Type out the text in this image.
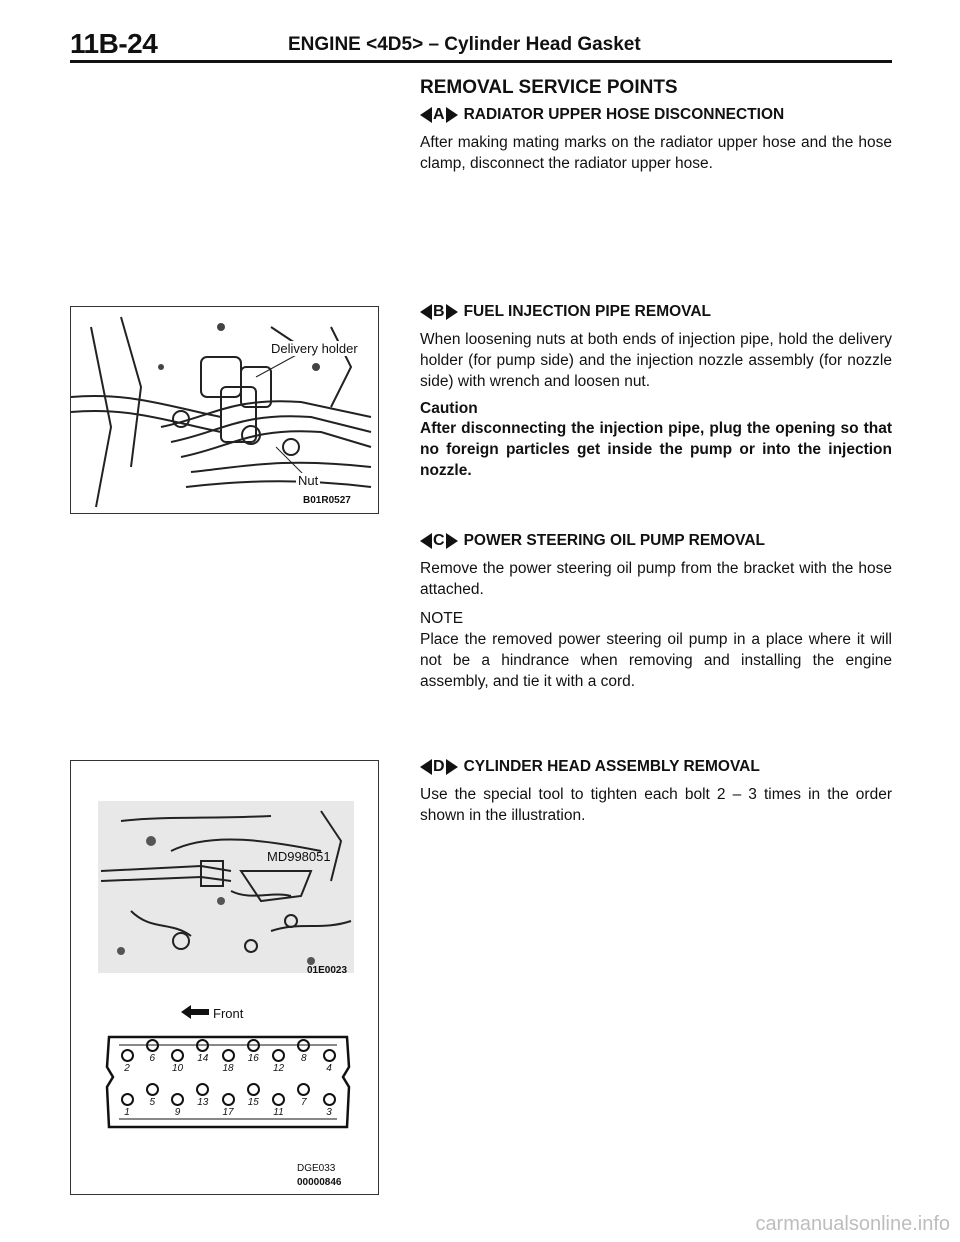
11B-24	ENGINE <4D5> – Cylinder Head Gasket
REMOVAL SERVICE POINTS
A RADIATOR UPPER HOSE DISCONNECTION
After making mating marks on the radiator upper hose and the hose clamp, disconnect the radiator upper hose.
B FUEL INJECTION PIPE REMOVAL
When loosening nuts at both ends of injection pipe, hold the delivery holder (for pump side) and the injection nozzle assembly (for nozzle side) with wrench and loosen nut.
Caution
After disconnecting the injection pipe, plug the opening so that no foreign particles get inside the pump or into the injection nozzle.
C POWER STEERING OIL PUMP REMOVAL
Remove the power steering oil pump from the bracket with the hose attached.
NOTE
Place the removed power steering oil pump in a place where it will not be a hindrance when removing and installing the engine assembly, and tie it with a cord.
D CYLINDER HEAD ASSEMBLY REMOVAL
Use the special tool to tighten each bolt 2 – 3 times in the order shown in the illustration.
Delivery holder
Nut
B01R0527
MD998051
01E0023
Front
2
6
10
14
18
16
12
8
4
1
5
9
13
17
15
11
7
3
DGE033
00000846
carmanualsonline.info
